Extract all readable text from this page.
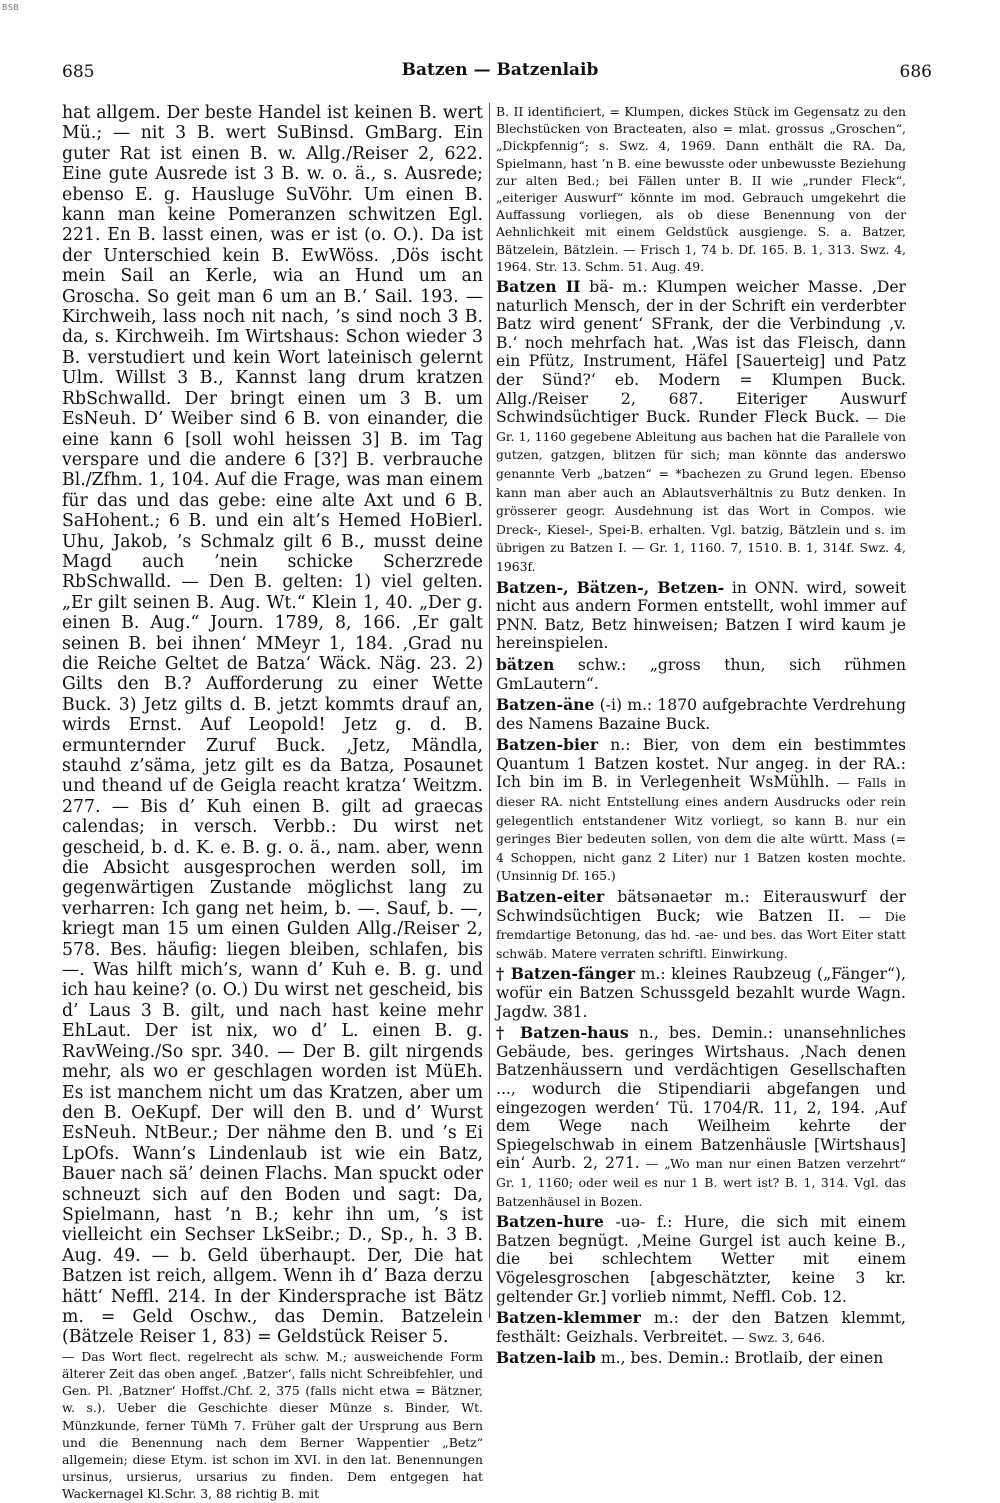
BSB
685	Batzen — Batzenlaib	686

hat allgem. Der beste Handel ist keinen B. wert Mü.; — nit 3 B. wert SuBinsd. GmBarg. Ein guter Rat ist einen B. w. Allg./Reiser 2, 622. Eine gute Ausrede ist 3 B. w. o. ä., s. Ausrede; ebenso E. g. Hausluge SuVöhr. Um einen B. kann man keine Pomeranzen schwitzen Egl. 221. En B. lasst einen, was er ist (o. O.). Da ist der Unterschied kein B. EwWöss. ‚Dös ischt mein Sail an Kerle, wia an Hund um an Groscha. So geit man 6 um an B.‘ Sail. 193. — Kirchweih, lass noch nit nach, ’s sind noch 3 B. da, s. Kirchweih. Im Wirtshaus: Schon wieder 3 B. verstudiert und kein Wort lateinisch gelernt Ulm. Willst 3 B., Kannst lang drum kratzen RbSchwalld. Der bringt einen um 3 B. um EsNeuh. D’ Weiber sind 6 B. von einander, die eine kann 6 [soll wohl heissen 3] B. im Tag verspare und die andere 6 [3?] B. verbrauche Bl./Zfhm. 1, 104. Auf die Frage, was man einem für das und das gebe: eine alte Axt und 6 B. SaHohent.; 6 B. und ein alt’s Hemed HoBierl. Uhu, Jakob, ’s Schmalz gilt 6 B., musst deine Magd auch ’nein schicke Scherzrede RbSchwalld. — Den B. gelten: 1) viel gelten. „Er gilt seinen B. Aug. Wt.“ Klein 1, 40. „Der g. einen B. Aug.“ Journ. 1789, 8, 166. ‚Er galt seinen B. bei ihnen‘ MMeyr 1, 184. ‚Grad nu die Reiche Geltet de Batza‘ Wäck. Näg. 23. 2) Gilts den B.? Aufforderung zu einer Wette Buck. 3) Jetz gilts d. B. jetzt kommts drauf an, wirds Ernst. Auf Leopold! Jetz g. d. B. ermunternder Zuruf Buck. ‚Jetz, Mändla, stauhd z’säma, jetz gilt es da Batza, Posaunet und theand uf de Geigla reacht kratza‘ Weitzm. 277. — Bis d’ Kuh einen B. gilt ad graecas calendas; in versch. Verbb.: Du wirst net gescheid, b. d. K. e. B. g. o. ä., nam. aber, wenn die Absicht ausgesprochen werden soll, im gegenwärtigen Zustande möglichst lang zu verharren: Ich gang net heim, b. —. Sauf, b. —, kriegt man 15 um einen Gulden Allg./Reiser 2, 578. Bes. häufig: liegen bleiben, schlafen, bis —. Was hilft mich’s, wann d’ Kuh e. B. g. und ich hau keine? (o. O.) Du wirst net gescheid, bis d’ Laus 3 B. gilt, und nach hast keine mehr EhLaut. Der ist nix, wo d’ L. einen B. g. RavWeing./So spr. 340. — Der B. gilt nirgends mehr, als wo er geschlagen worden ist MüEh. Es ist manchem nicht um das Kratzen, aber um den B. OeKupf. Der will den B. und d’ Wurst EsNeuh. NtBeur.; Der nähme den B. und ’s Ei LpOfs. Wann’s Lindenlaub ist wie ein Batz, Bauer nach sä’ deinen Flachs. Man spuckt oder schneuzt sich auf den Boden und sagt: Da, Spielmann, hast ’n B.; kehr ihn um, ’s ist vielleicht ein Sechser LkSeibr.; D., Sp., h. 3 B. Aug. 49. — b. Geld überhaupt. Der, Die hat Batzen ist reich, allgem. Wenn ih d’ Baza derzu hätt‘ Neffl. 214. In der Kindersprache ist Bätz m. = Geld Oschw., das Demin. Batzelein (Bätzele Reiser 1, 83) = Geldstück Reiser 5.

— Das Wort flect. regelrecht als schw. M.; ausweichende Form älterer Zeit das oben angef. ‚Batzer‘, falls nicht Schreibfehler, und Gen. Pl. ‚Batzner‘ Hoffst./Chf. 2, 375 (falls nicht etwa = Bätzner, w. s.). Ueber die Geschichte dieser Münze s. Binder, Wt. Münzkunde, ferner TüMh 7. Früher galt der Ursprung aus Bern und die Benennung nach dem Berner Wappentier „Betz“ allgemein; diese Etym. ist schon im XVI. in den lat. Benennungen ursinus, ursierus, ursarius zu finden. Dem entgegen hat Wackernagel Kl.Schr. 3, 88 richtig B. mit

B. II identificiert, = Klumpen, dickes Stück im Gegensatz zu den Blechstücken von Bracteaten, also = mlat. grossus „Groschen“, „Dickpfennig“; s. Swz. 4, 1969. Dann enthält die RA. Da, Spielmann, hast ’n B. eine bewusste oder unbewusste Beziehung zur alten Bed.; bei Fällen unter B. II wie „runder Fleck“, „eiteriger Auswurf“ könnte im mod. Gebrauch umgekehrt die Auffassung vorliegen, als ob diese Benennung von der Aehnlichkeit mit einem Geldstück ausgienge. S. a. Batzer, Bätzelein, Bätzlein. — Frisch 1, 74 b. Df. 165. B. 1, 313. Swz. 4, 1964. Str. 13. Schm. 51. Aug. 49.

Batzen II bä- m.: Klumpen weicher Masse. ‚Der naturlich Mensch, der in der Schrift ein verderbter Batz wird genent‘ SFrank, der die Verbindung ‚v. B.‘ noch mehrfach hat. ‚Was ist das Fleisch, dann ein Pfütz, Instrument, Häfel [Sauerteig] und Patz der Sünd?‘ eb. Modern = Klumpen Buck. Allg./Reiser 2, 687. Eiteriger Auswurf Schwindsüchtiger Buck. Runder Fleck Buck. — Die Gr. 1, 1160 gegebene Ableitung aus bachen hat die Parallele von gutzen, gatzgen, blitzen für sich; man könnte das anderswo genannte Verb „batzen“ = *bachezen zu Grund legen. Ebenso kann man aber auch an Ablautsverhältnis zu Butz denken. In grösserer geogr. Ausdehnung ist das Wort in Compos. wie Dreck-, Kiesel-, Spei-B. erhalten. Vgl. batzig, Bätzlein und s. im übrigen zu Batzen I. — Gr. 1, 1160. 7, 1510. B. 1, 314f. Swz. 4, 1963f.

Batzen-, Bätzen-, Betzen- in ONN. wird, soweit nicht aus andern Formen entstellt, wohl immer auf PNN. Batz, Betz hinweisen; Batzen I wird kaum je hereinspielen.

bätzen schw.: „gross thun, sich rühmen GmLautern“.

Batzen-äne (-i) m.: 1870 aufgebrachte Verdrehung des Namens Bazaine Buck.

Batzen-bier n.: Bier, von dem ein bestimmtes Quantum 1 Batzen kostet. Nur angeg. in der RA.: Ich bin im B. in Verlegenheit WsMühlh. — Falls in dieser RA. nicht Entstellung eines andern Ausdrucks oder rein gelegentlich entstandener Witz vorliegt, so kann B. nur ein geringes Bier bedeuten sollen, von dem die alte württ. Mass (= 4 Schoppen, nicht ganz 2 Liter) nur 1 Batzen kosten mochte. (Unsinnig Df. 165.)

Batzen-eiter bätsənaetər m.: Eiterauswurf der Schwindsüchtigen Buck; wie Batzen II. — Die fremdartige Betonung, das hd. -ae- und bes. das Wort Eiter statt schwäb. Matere verraten schriftl. Einwirkung.

† Batzen-fänger m.: kleines Raubzeug („Fänger“), wofür ein Batzen Schussgeld bezahlt wurde Wagn. Jagdw. 381.

† Batzen-haus n., bes. Demin.: unansehnliches Gebäude, bes. geringes Wirtshaus. ‚Nach denen Batzenhäussern und verdächtigen Gesellschaften ..., wodurch die Stipendiarii abgefangen und eingezogen werden‘ Tü. 1704/R. 11, 2, 194. ‚Auf dem Wege nach Weilheim kehrte der Spiegelschwab in einem Batzenhäusle [Wirtshaus] ein‘ Aurb. 2, 271. — „Wo man nur einen Batzen verzehrt“ Gr. 1, 1160; oder weil es nur 1 B. wert ist? B. 1, 314. Vgl. das Batzenhäusel in Bozen.

Batzen-hure -uə- f.: Hure, die sich mit einem Batzen begnügt. ‚Meine Gurgel ist auch keine B., die bei schlechtem Wetter mit einem Vögelesgroschen [abgeschätzter, keine 3 kr. geltender Gr.] vorlieb nimmt, Neffl. Cob. 12.

Batzen-klemmer m.: der den Batzen klemmt, festhält: Geizhals. Verbreitet. — Swz. 3, 646.

Batzen-laib m., bes. Demin.: Brotlaib, der einen
